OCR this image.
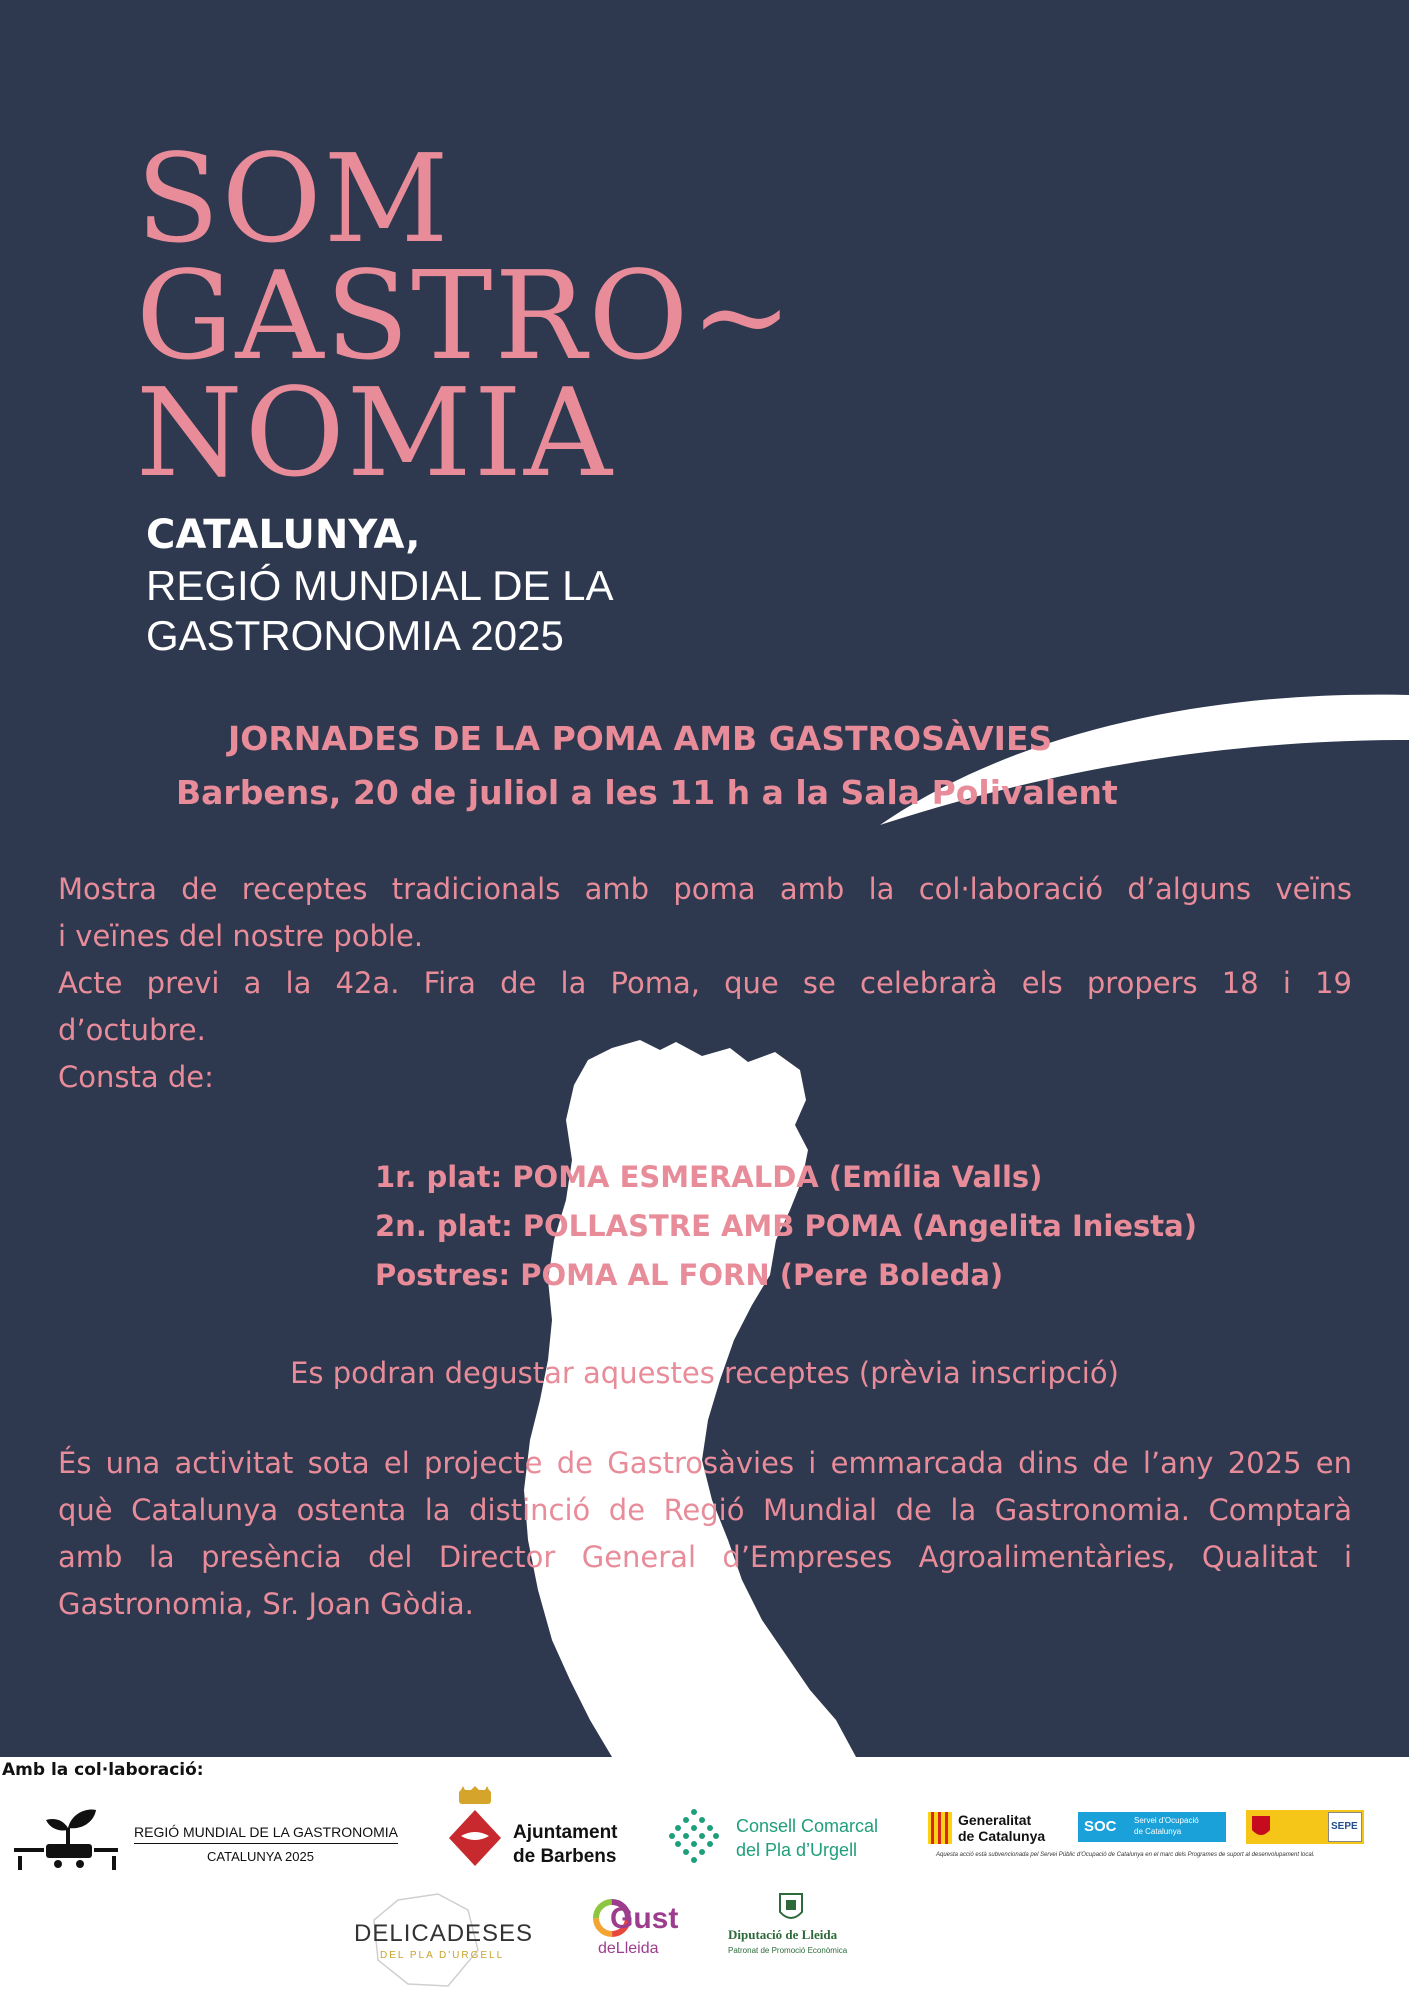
SOM
GASTRO~
NOMIA
CATALUNYA,
REGIÓ MUNDIAL DE LA
GASTRONOMIA 2025
JORNADES DE LA POMA AMB GASTROSÀVIES
Barbens, 20 de juliol a les 11 h a la Sala Polivalent

Mostra de receptes tradicionals amb poma amb la col·laboració d’alguns veïns

i veïnes del nostre poble.

Acte previ a la 42a. Fira de la Poma, que se celebrarà els propers 18 i 19

d’octubre.

Consta de:

1r. plat: POMA ESMERALDA (Emília Valls)
2n. plat: POLLASTRE AMB POMA (Angelita Iniesta)
Postres: POMA AL FORN (Pere Boleda)

Es podran degustar aquestes receptes (prèvia inscripció)

És una activitat sota el projecte de Gastrosàvies i emmarcada dins de l’any 2025 en

què Catalunya ostenta la distinció de Regió Mundial de la Gastronomia. Comptarà

amb la presència del Director General d’Empreses Agroalimentàries, Qualitat i

Gastronomia, Sr. Joan Gòdia.

Amb la col·laboració:
REGIÓ MUNDIAL DE LA GASTRONOMIA
CATALUNYA 2025
Ajuntament
de Barbens
Consell Comarcal
del Pla d’Urgell
Generalitat
de Catalunya
SOC Servei d'Ocupació
de Catalunya	SEPE
Aquesta acció està subvencionada pel Servei Públic d'Ocupació de Catalunya en el marc dels Programes de suport al desenvolupament local.
DELICADESES
DEL PLA D'URGELL
Gust
deLleida
Diputació de Lleida
Patronat de Promoció Econòmica
